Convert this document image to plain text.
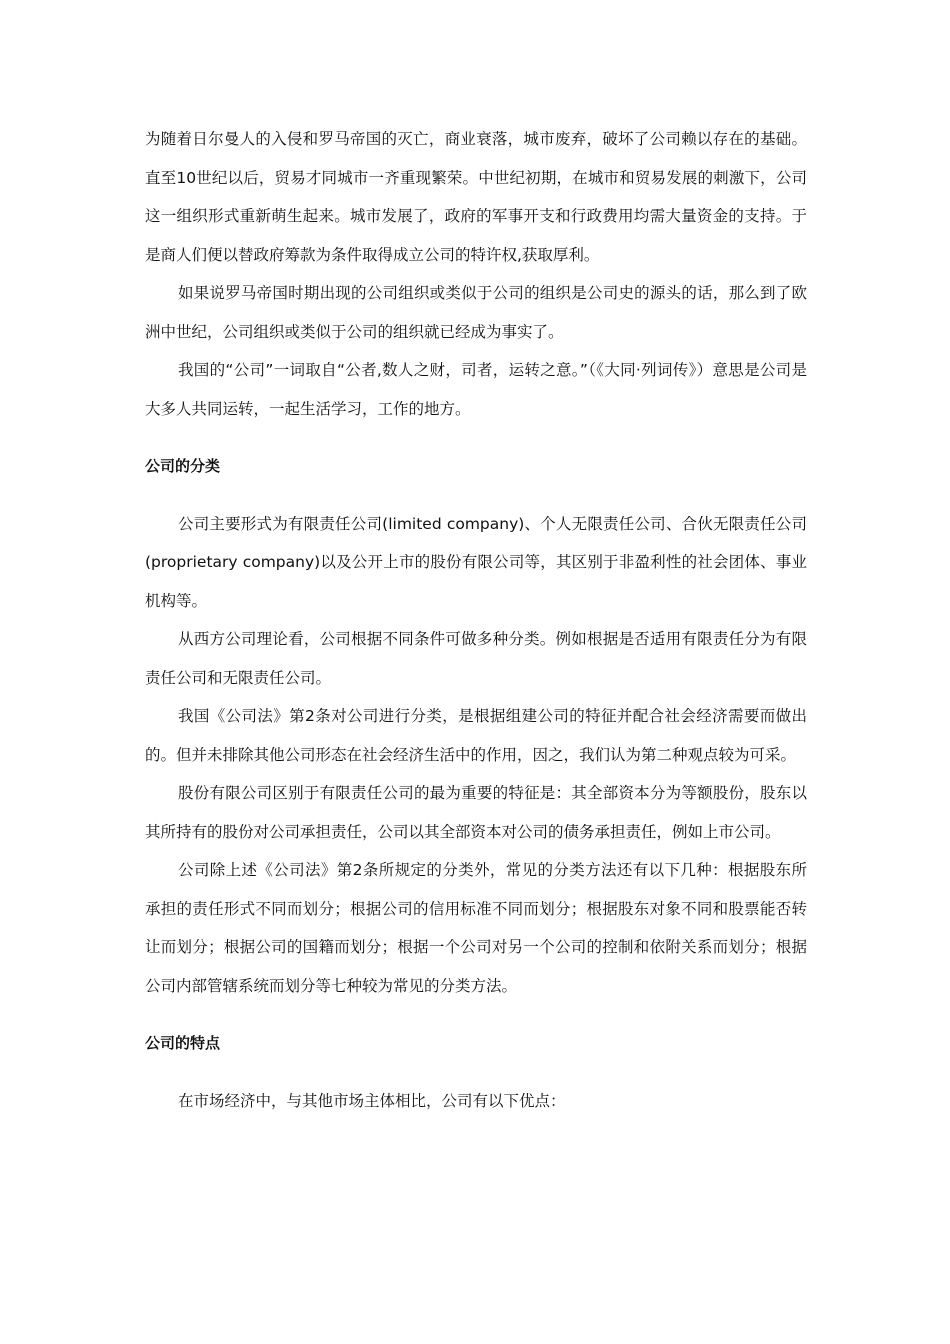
为随着日尔曼人的入侵和罗马帝国的灭亡，商业衰落，城市废弃，破坏了公司赖以存在的基础。直至10世纪以后，贸易才同城市一齐重现繁荣。中世纪初期，在城市和贸易发展的刺激下，公司这一组织形式重新萌生起来。城市发展了，政府的军事开支和行政费用均需大量资金的支持。于是商人们便以替政府筹款为条件取得成立公司的特许权,获取厚利。

如果说罗马帝国时期出现的公司组织或类似于公司的组织是公司史的源头的话，那么到了欧洲中世纪，公司组织或类似于公司的组织就已经成为事实了。

我国的“公司”一词取自“公者,数人之财，司者，运转之意。”（《大同·列词传》）意思是公司是大多人共同运转，一起生活学习，工作的地方。

公司的分类

公司主要形式为有限责任公司(limited company)、个人无限责任公司、合伙无限责任公司(proprietary company)以及公开上市的股份有限公司等，其区别于非盈利性的社会团体、事业机构等。

从西方公司理论看，公司根据不同条件可做多种分类。例如根据是否适用有限责任分为有限责任公司和无限责任公司。

我国《公司法》第2条对公司进行分类，是根据组建公司的特征并配合社会经济需要而做出的。但并未排除其他公司形态在社会经济生活中的作用，因之，我们认为第二种观点较为可采。

股份有限公司区别于有限责任公司的最为重要的特征是：其全部资本分为等额股份，股东以其所持有的股份对公司承担责任，公司以其全部资本对公司的债务承担责任，例如上市公司。

公司除上述《公司法》第2条所规定的分类外，常见的分类方法还有以下几种：根据股东所承担的责任形式不同而划分；根据公司的信用标准不同而划分；根据股东对象不同和股票能否转让而划分；根据公司的国籍而划分；根据一个公司对另一个公司的控制和依附关系而划分；根据公司内部管辖系统而划分等七种较为常见的分类方法。

公司的特点

在市场经济中，与其他市场主体相比，公司有以下优点：
